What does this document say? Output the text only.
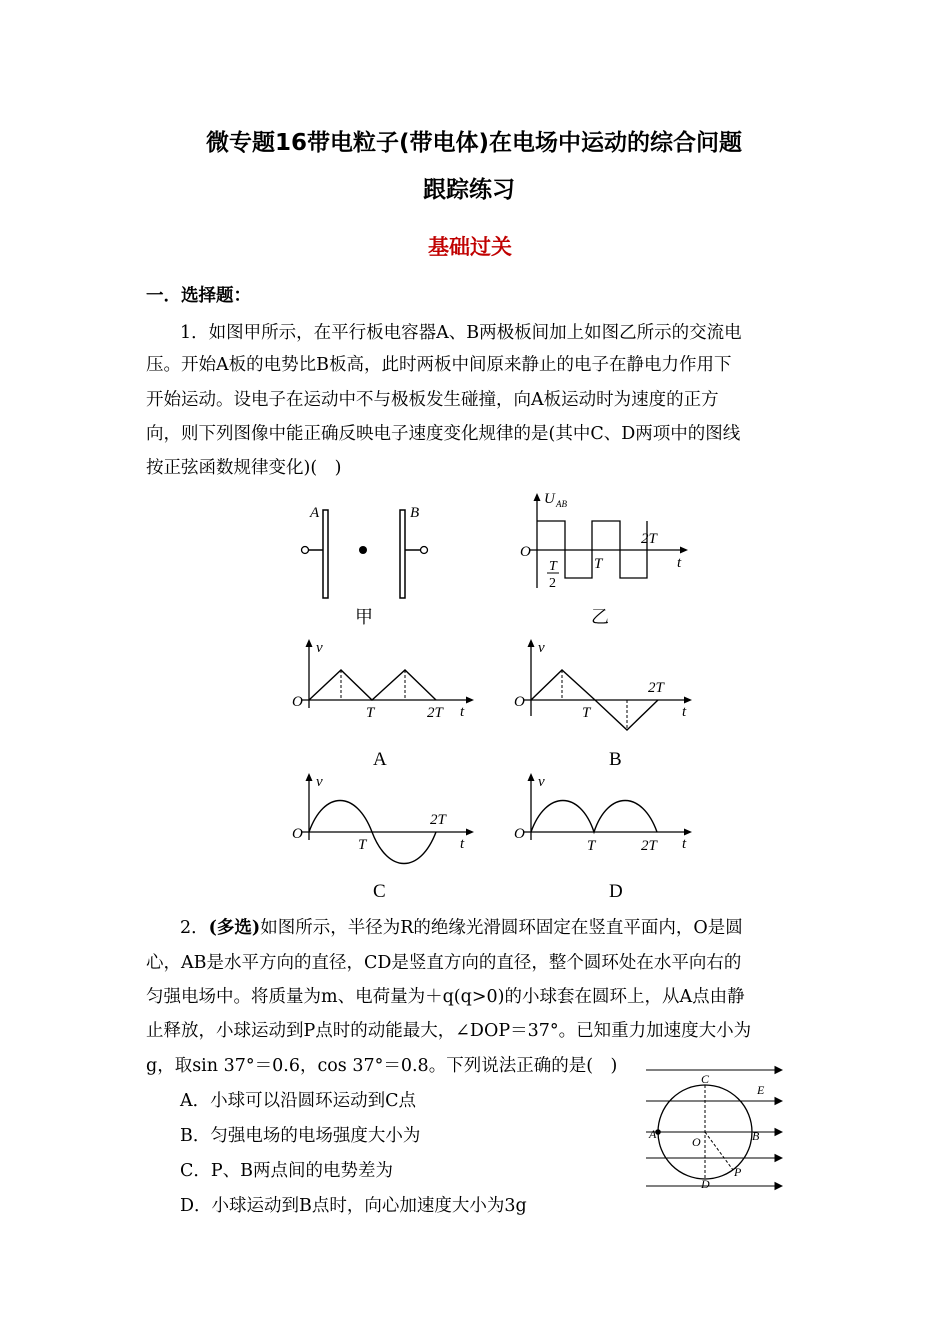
微专题16带电粒子(带电体)在电场中运动的综合问题
跟踪练习
基础过关
一．选择题：
1．如图甲所示，在平行板电容器A、B两极板间加上如图乙所示的交流电
压。开始A板的电势比B板高，此时两板中间原来静止的电子在静电力作用下
开始运动。设电子在运动中不与极板发生碰撞，向A板运动时为速度的正方
向，则下列图像中能正确反映电子速度变化规律的是(其中C、D两项中的图线
按正弦函数规律变化)(　)
A	B
甲
U AB
O
t
T
2
T
2T
乙
v
O
t
T	2T
A
v
O
t
T
2T
B
v
O
t
T
2T
C
v
O
t
T	2T
D
2．(多选)如图所示，半径为R的绝缘光滑圆环固定在竖直平面内，O是圆
心，AB是水平方向的直径，CD是竖直方向的直径，整个圆环处在水平向右的
匀强电场中。将质量为m、电荷量为＋q(q>0)的小球套在圆环上，从A点由静
止释放，小球运动到P点时的动能最大，∠DOP＝37°。已知重力加速度大小为
g，取sin 37°＝0.6，cos 37°＝0.8。下列说法正确的是(　)
A．小球可以沿圆环运动到C点
B．匀强电场的电场强度大小为
C．P、B两点间的电势差为
D．小球运动到B点时，向心加速度大小为3g
C
D
A	B
O
P
E
